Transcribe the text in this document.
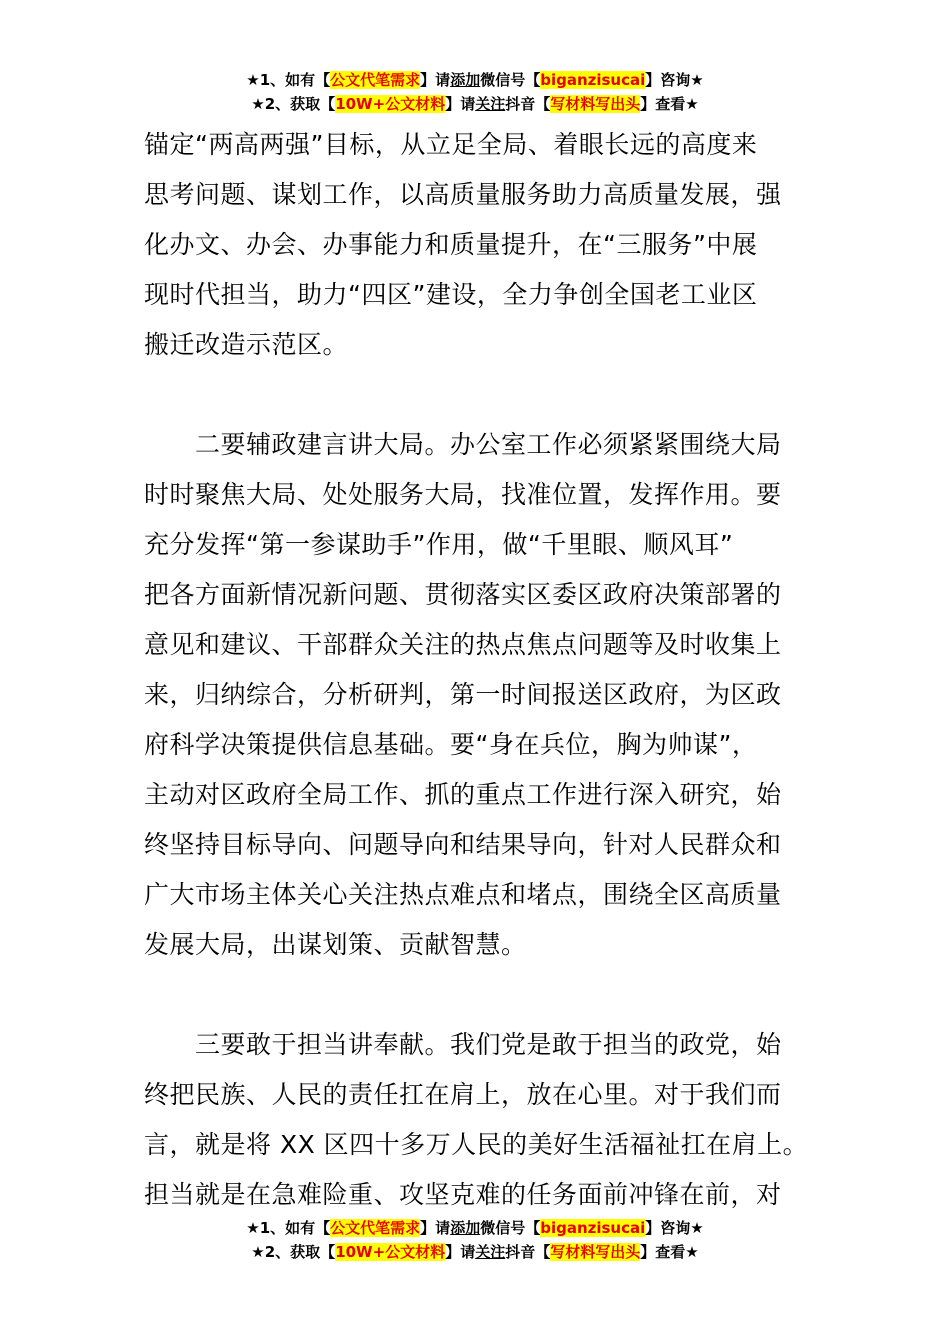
★1、如有【公文代笔需求】请添加微信号【biganzisucai】咨询★
★2、获取【10W+公文材料】请关注抖音【写材料写出头】查看★
锚定“两高两强”目标，从立足全局、着眼长远的高度来
思考问题、谋划工作，以高质量服务助力高质量发展，强
化办文、办会、办事能力和质量提升，在“三服务”中展
现时代担当，助力“四区”建设，全力争创全国老工业区
搬迁改造示范区。
　　二要辅政建言讲大局。办公室工作必须紧紧围绕大局
时时聚焦大局、处处服务大局，找准位置，发挥作用。要
充分发挥“第一参谋助手”作用，做“千里眼、顺风耳”
把各方面新情况新问题、贯彻落实区委区政府决策部署的
意见和建议、干部群众关注的热点焦点问题等及时收集上
来，归纳综合，分析研判，第一时间报送区政府，为区政
府科学决策提供信息基础。要“身在兵位，胸为帅谋”，
主动对区政府全局工作、抓的重点工作进行深入研究，始
终坚持目标导向、问题导向和结果导向，针对人民群众和
广大市场主体关心关注热点难点和堵点，围绕全区高质量
发展大局，出谋划策、贡献智慧。
　　三要敢于担当讲奉献。我们党是敢于担当的政党，始
终把民族、人民的责任扛在肩上，放在心里。对于我们而
言，就是将 XX 区四十多万人民的美好生活福祉扛在肩上。
担当就是在急难险重、攻坚克难的任务面前冲锋在前，对
★1、如有【公文代笔需求】请添加微信号【biganzisucai】咨询★
★2、获取【10W+公文材料】请关注抖音【写材料写出头】查看★
